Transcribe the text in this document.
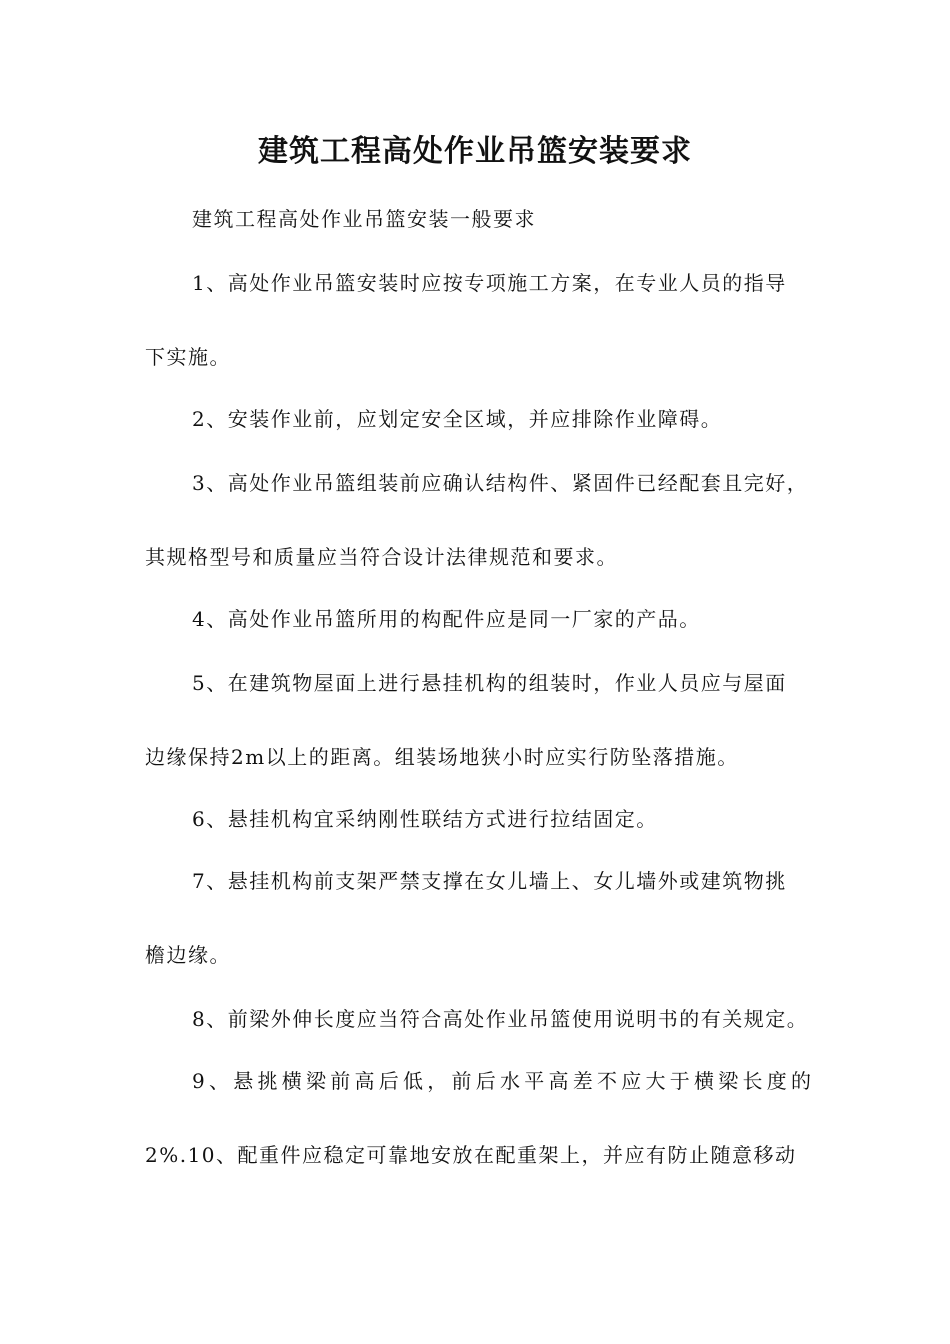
建筑工程高处作业吊篮安装要求

建筑工程高处作业吊篮安装一般要求

1、高处作业吊篮安装时应按专项施工方案，在专业人员的指导

下实施。

2、安装作业前，应划定安全区域，并应排除作业障碍。

3、高处作业吊篮组装前应确认结构件、紧固件已经配套且完好，

其规格型号和质量应当符合设计法律规范和要求。

4、高处作业吊篮所用的构配件应是同一厂家的产品。

5、在建筑物屋面上进行悬挂机构的组装时，作业人员应与屋面

边缘保持2m以上的距离。组装场地狭小时应实行防坠落措施。

6、悬挂机构宜采纳刚性联结方式进行拉结固定。

7、悬挂机构前支架严禁支撑在女儿墙上、女儿墙外或建筑物挑

檐边缘。

8、前梁外伸长度应当符合高处作业吊篮使用说明书的有关规定。

9、悬挑横梁前高后低，前后水平高差不应大于横梁长度的

2%.10、配重件应稳定可靠地安放在配重架上，并应有防止随意移动
